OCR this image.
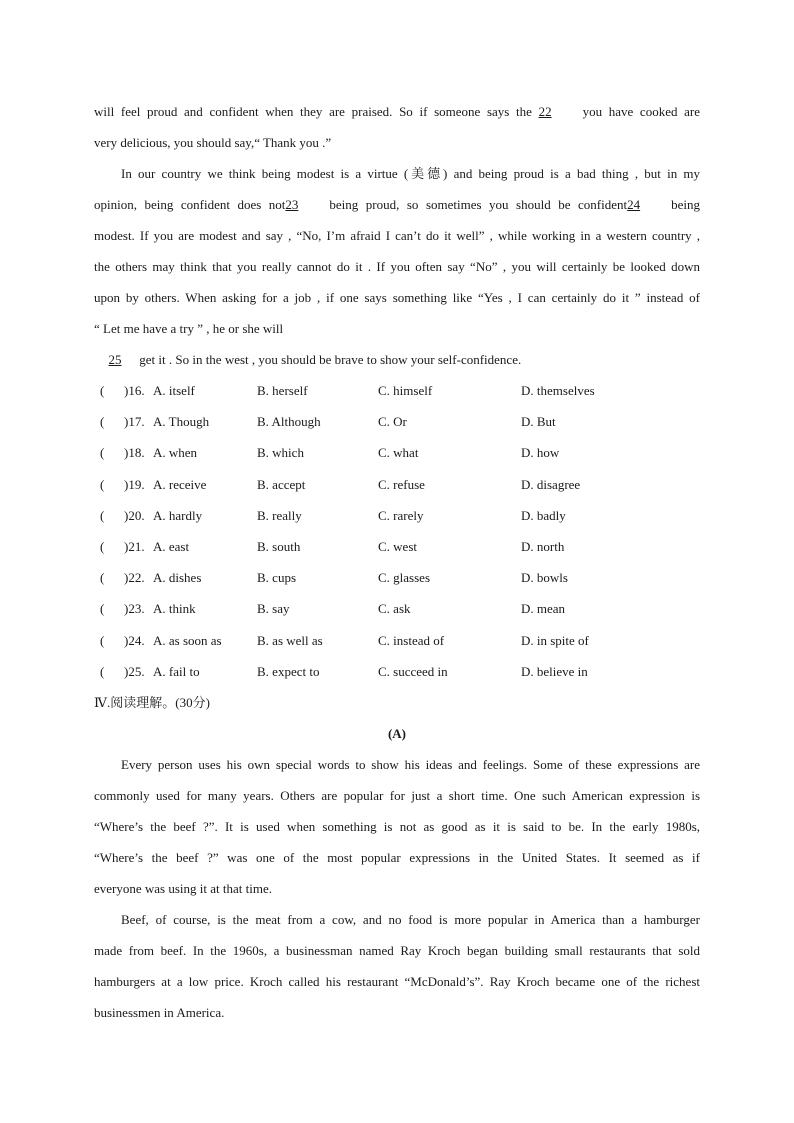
will feel proud and confident when they are praised. So if someone says the 22 you have cooked are
very delicious, you should say,“ Thank you .”
In our country we think being modest is a virtue (美德) and being proud is a bad thing , but in my
opinion, being confident does not23 being proud, so sometimes you should be confident24 being
modest. If you are modest and say , “No, I’m afraid I can’t do it well” , while working in a western country ,
the others may think that you really cannot do it . If you often say “No” , you will certainly be looked down
upon by others. When asking for a job , if one says something like “Yes , I can certainly do it ” instead of
“ Let me have a try ” , he or she will
25 get it . So in the west , you should be brave to show your self-confidence.
( )16. A. itself	B. herself	C. himself	D. themselves
( )17. A. Though	B. Although	C. Or	D. But
( )18. A. when	B. which	C. what	D. how
( )19. A. receive	B. accept	C. refuse	D. disagree
( )20. A. hardly	B. really	C. rarely	D. badly
( )21. A. east	B. south	C. west	D. north
( )22. A. dishes	B. cups	C. glasses	D. bowls
( )23. A. think	B. say	C. ask	D. mean
( )24. A. as soon as	B. as well as	C. instead of	D. in spite of
( )25. A. fail to	B. expect to	C. succeed in	D. believe in
Ⅳ.阅读理解。(30分)
(A)
Every person uses his own special words to show his ideas and feelings. Some of these expressions are
commonly used for many years. Others are popular for just a short time. One such American expression is
“Where’s the beef ?”. It is used when something is not as good as it is said to be. In the early 1980s,
“Where’s the beef ?” was one of the most popular expressions in the United States. It seemed as if
everyone was using it at that time.
Beef, of course, is the meat from a cow, and no food is more popular in America than a hamburger
made from beef. In the 1960s, a businessman named Ray Kroch began building small restaurants that sold
hamburgers at a low price. Kroch called his restaurant “McDonald’s”. Ray Kroch became one of the richest
businessmen in America.
